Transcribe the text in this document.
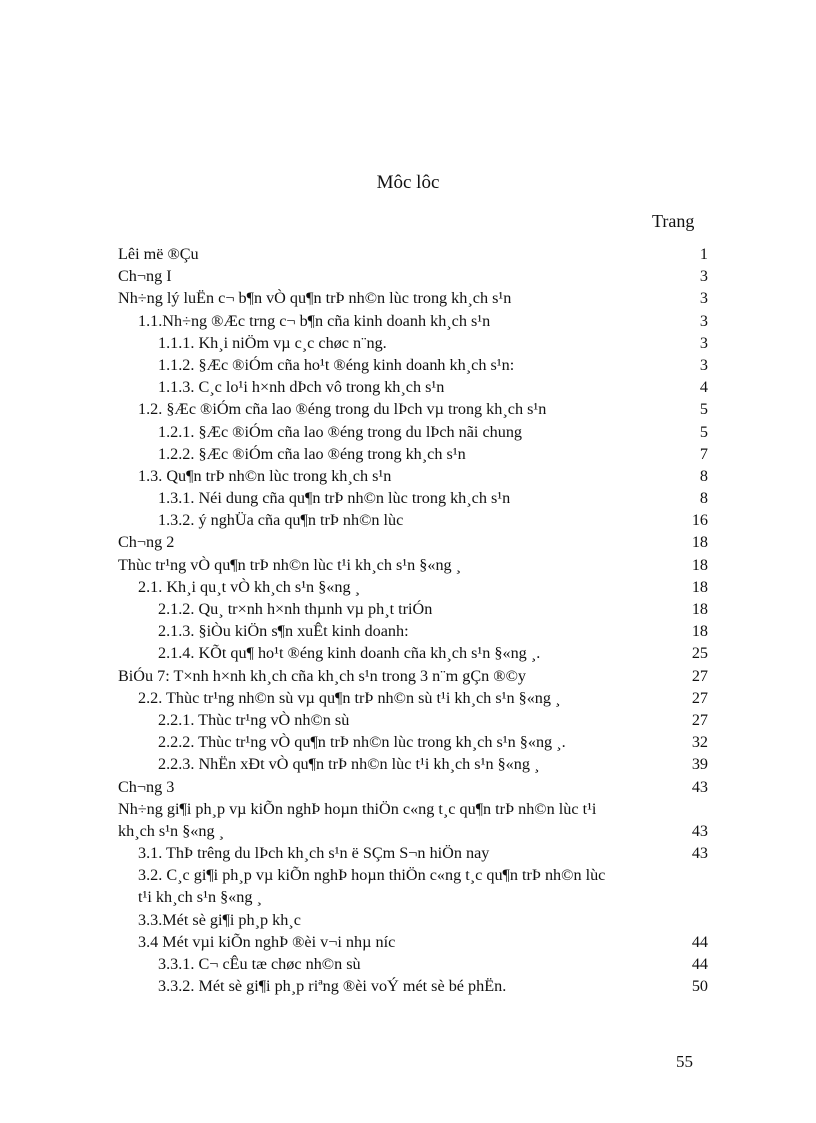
Môc lôc
Trang
Lêi më ®Çu	1
Ch¬ng I	3
Nh÷ng lý luËn c¬ b¶n vÒ qu¶n trÞ nh©n lùc trong kh¸ch s¹n	3
1.1.Nh÷ng ®Æc trng c¬ b¶n cña kinh doanh kh¸ch s¹n	3
1.1.1. Kh¸i niÖm vµ c¸c chøc n¨ng.	3
1.1.2. §Æc ®iÓm cña ho¹t ®éng kinh doanh kh¸ch s¹n:	3
1.1.3. C¸c lo¹i h×nh dÞch vô trong kh¸ch s¹n	4
1.2. §Æc ®iÓm cña lao ®éng trong du lÞch vµ trong kh¸ch s¹n	5
1.2.1. §Æc ®iÓm cña lao ®éng trong du lÞch nãi chung	5
1.2.2. §Æc ®iÓm cña lao ®éng trong kh¸ch s¹n	7
1.3. Qu¶n trÞ nh©n lùc trong kh¸ch s¹n	8
1.3.1. Néi dung cña qu¶n trÞ nh©n lùc trong kh¸ch s¹n	8
1.3.2. ý nghÜa cña qu¶n trÞ nh©n lùc	16
Ch¬ng 2	18
Thùc tr¹ng vÒ qu¶n trÞ nh©n lùc t¹i kh¸ch s¹n §«ng ¸	18
2.1. Kh¸i qu¸t vÒ kh¸ch s¹n §«ng ¸	18
2.1.2. Qu¸ tr×nh h×nh thµnh vµ ph¸t triÓn	18
2.1.3. §iÒu kiÖn s¶n xuÊt kinh doanh:	18
2.1.4. KÕt qu¶ ho¹t ®éng kinh doanh cña kh¸ch s¹n §«ng ¸.	25
BiÓu 7: T×nh h×nh kh¸ch cña kh¸ch s¹n trong 3 n¨m gÇn ®©y	27
2.2. Thùc tr¹ng nh©n sù vµ qu¶n trÞ nh©n sù t¹i kh¸ch s¹n §«ng ¸	27
2.2.1. Thùc tr¹ng vÒ nh©n sù	27
2.2.2. Thùc tr¹ng vÒ qu¶n trÞ nh©n lùc trong kh¸ch s¹n §«ng ¸.	32
2.2.3. NhËn xÐt vÒ qu¶n trÞ nh©n lùc t¹i kh¸ch s¹n §«ng ¸	39
Ch¬ng 3	43
Nh÷ng gi¶i ph¸p vµ kiÕn nghÞ hoµn thiÖn c«ng t¸c qu¶n trÞ nh©n lùc t¹i
kh¸ch s¹n §«ng ¸	43
3.1. ThÞ trêng du lÞch kh¸ch s¹n ë SÇm S¬n hiÖn nay	43
3.2. C¸c gi¶i ph¸p vµ kiÕn nghÞ hoµn thiÖn c«ng t¸c qu¶n trÞ nh©n lùc
t¹i kh¸ch s¹n §«ng ¸
3.3.Mét sè gi¶i ph¸p kh¸c
3.4 Mét vµi kiÕn nghÞ ®èi v¬i nhµ níc	44
3.3.1. C¬ cÊu tæ chøc nh©n sù	44
3.3.2. Mét sè gi¶i ph¸p riªng ®èi voÝ mét sè bé phËn.	50
55
